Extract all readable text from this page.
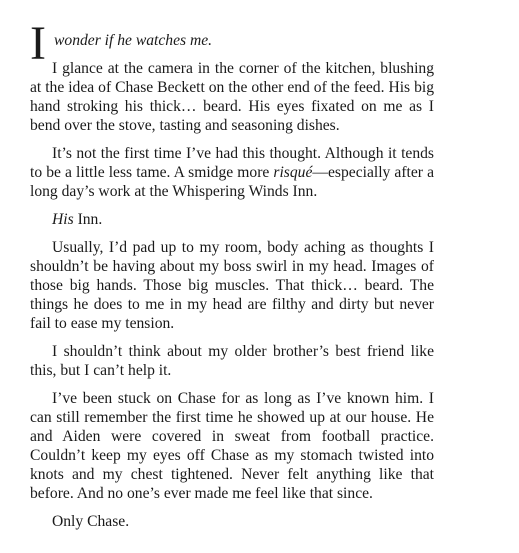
I wonder if he watches me.

I glance at the camera in the corner of the kitchen, blushing at the idea of Chase Beckett on the other end of the feed. His big hand stroking his thick… beard. His eyes fixated on me as I bend over the stove, tasting and seasoning dishes.

It’s not the first time I’ve had this thought. Although it tends to be a little less tame. A smidge more risqué—especially after a long day’s work at the Whispering Winds Inn.

His Inn.

Usually, I’d pad up to my room, body aching as thoughts I shouldn’t be having about my boss swirl in my head. Images of those big hands. Those big muscles. That thick… beard. The things he does to me in my head are filthy and dirty but never fail to ease my tension.

I shouldn’t think about my older brother’s best friend like this, but I can’t help it.

I’ve been stuck on Chase for as long as I’ve known him. I can still remember the first time he showed up at our house. He and Aiden were covered in sweat from football practice. Couldn’t keep my eyes off Chase as my stomach twisted into knots and my chest tightened. Never felt anything like that before. And no one’s ever made me feel like that since.

Only Chase.
